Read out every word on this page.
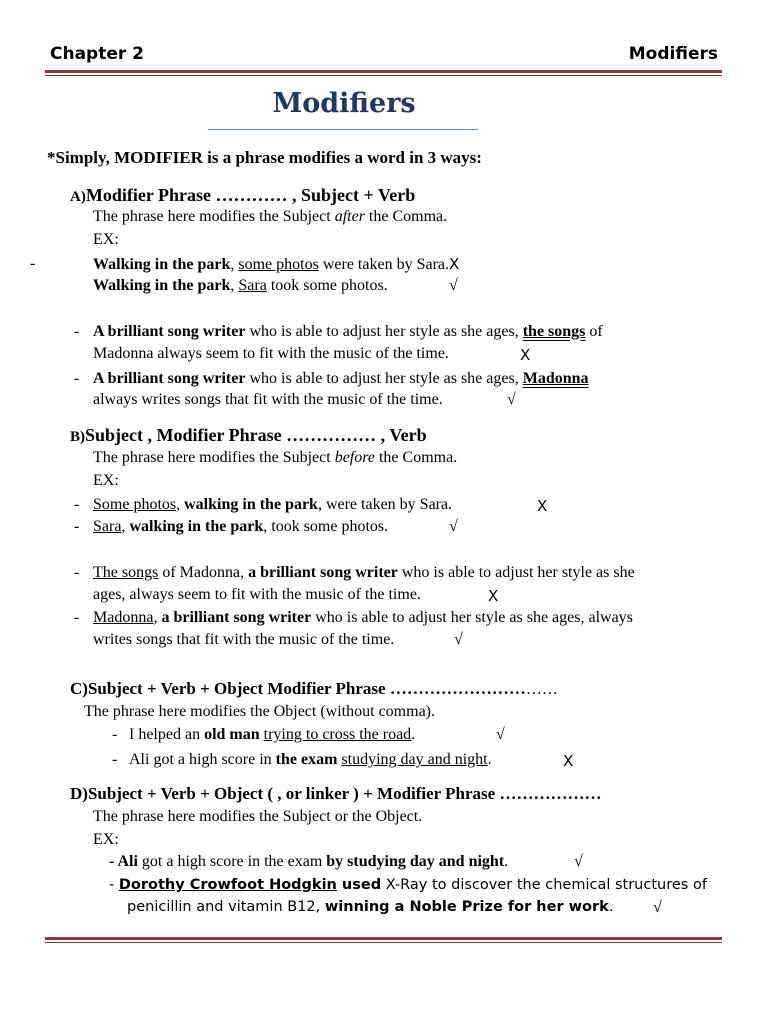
Chapter 2	Modifiers
Modifiers
*Simply, MODIFIER is a phrase modifies a word in 3 ways:
A)Modifier Phrase ………… , Subject + Verb
The phrase here modifies the Subject after the Comma.
EX:
-	Walking in the park, some photos were taken by Sara.X
Walking in the park, Sara took some photos.	√
- A brilliant song writer who is able to adjust her style as she ages, the songs of
Madonna always seem to fit with the music of the time.	X
- A brilliant song writer who is able to adjust her style as she ages, Madonna
always writes songs that fit with the music of the time.	√
B)Subject , Modifier Phrase …………… , Verb
The phrase here modifies the Subject before the Comma.
EX:
- Some photos, walking in the park, were taken by Sara.	X
- Sara, walking in the park, took some photos.	√
- The songs of Madonna, a brilliant song writer who is able to adjust her style as she
ages, always seem to fit with the music of the time.	X
- Madonna, a brilliant song writer who is able to adjust her style as she ages, always
writes songs that fit with the music of the time.	√
C)Subject + Verb + Object Modifier Phrase …………………………
The phrase here modifies the Object (without comma).
- I helped an old man trying to cross the road.	√
- Ali got a high score in the exam studying day and night.	X
D)Subject + Verb + Object ( , or linker ) + Modifier Phrase ………………
The phrase here modifies the Subject or the Object.
EX:
- Ali got a high score in the exam by studying day and night.	√
- Dorothy Crowfoot Hodgkin used X-Ray to discover the chemical structures of
penicillin and vitamin B12, winning a Noble Prize for her work. √
